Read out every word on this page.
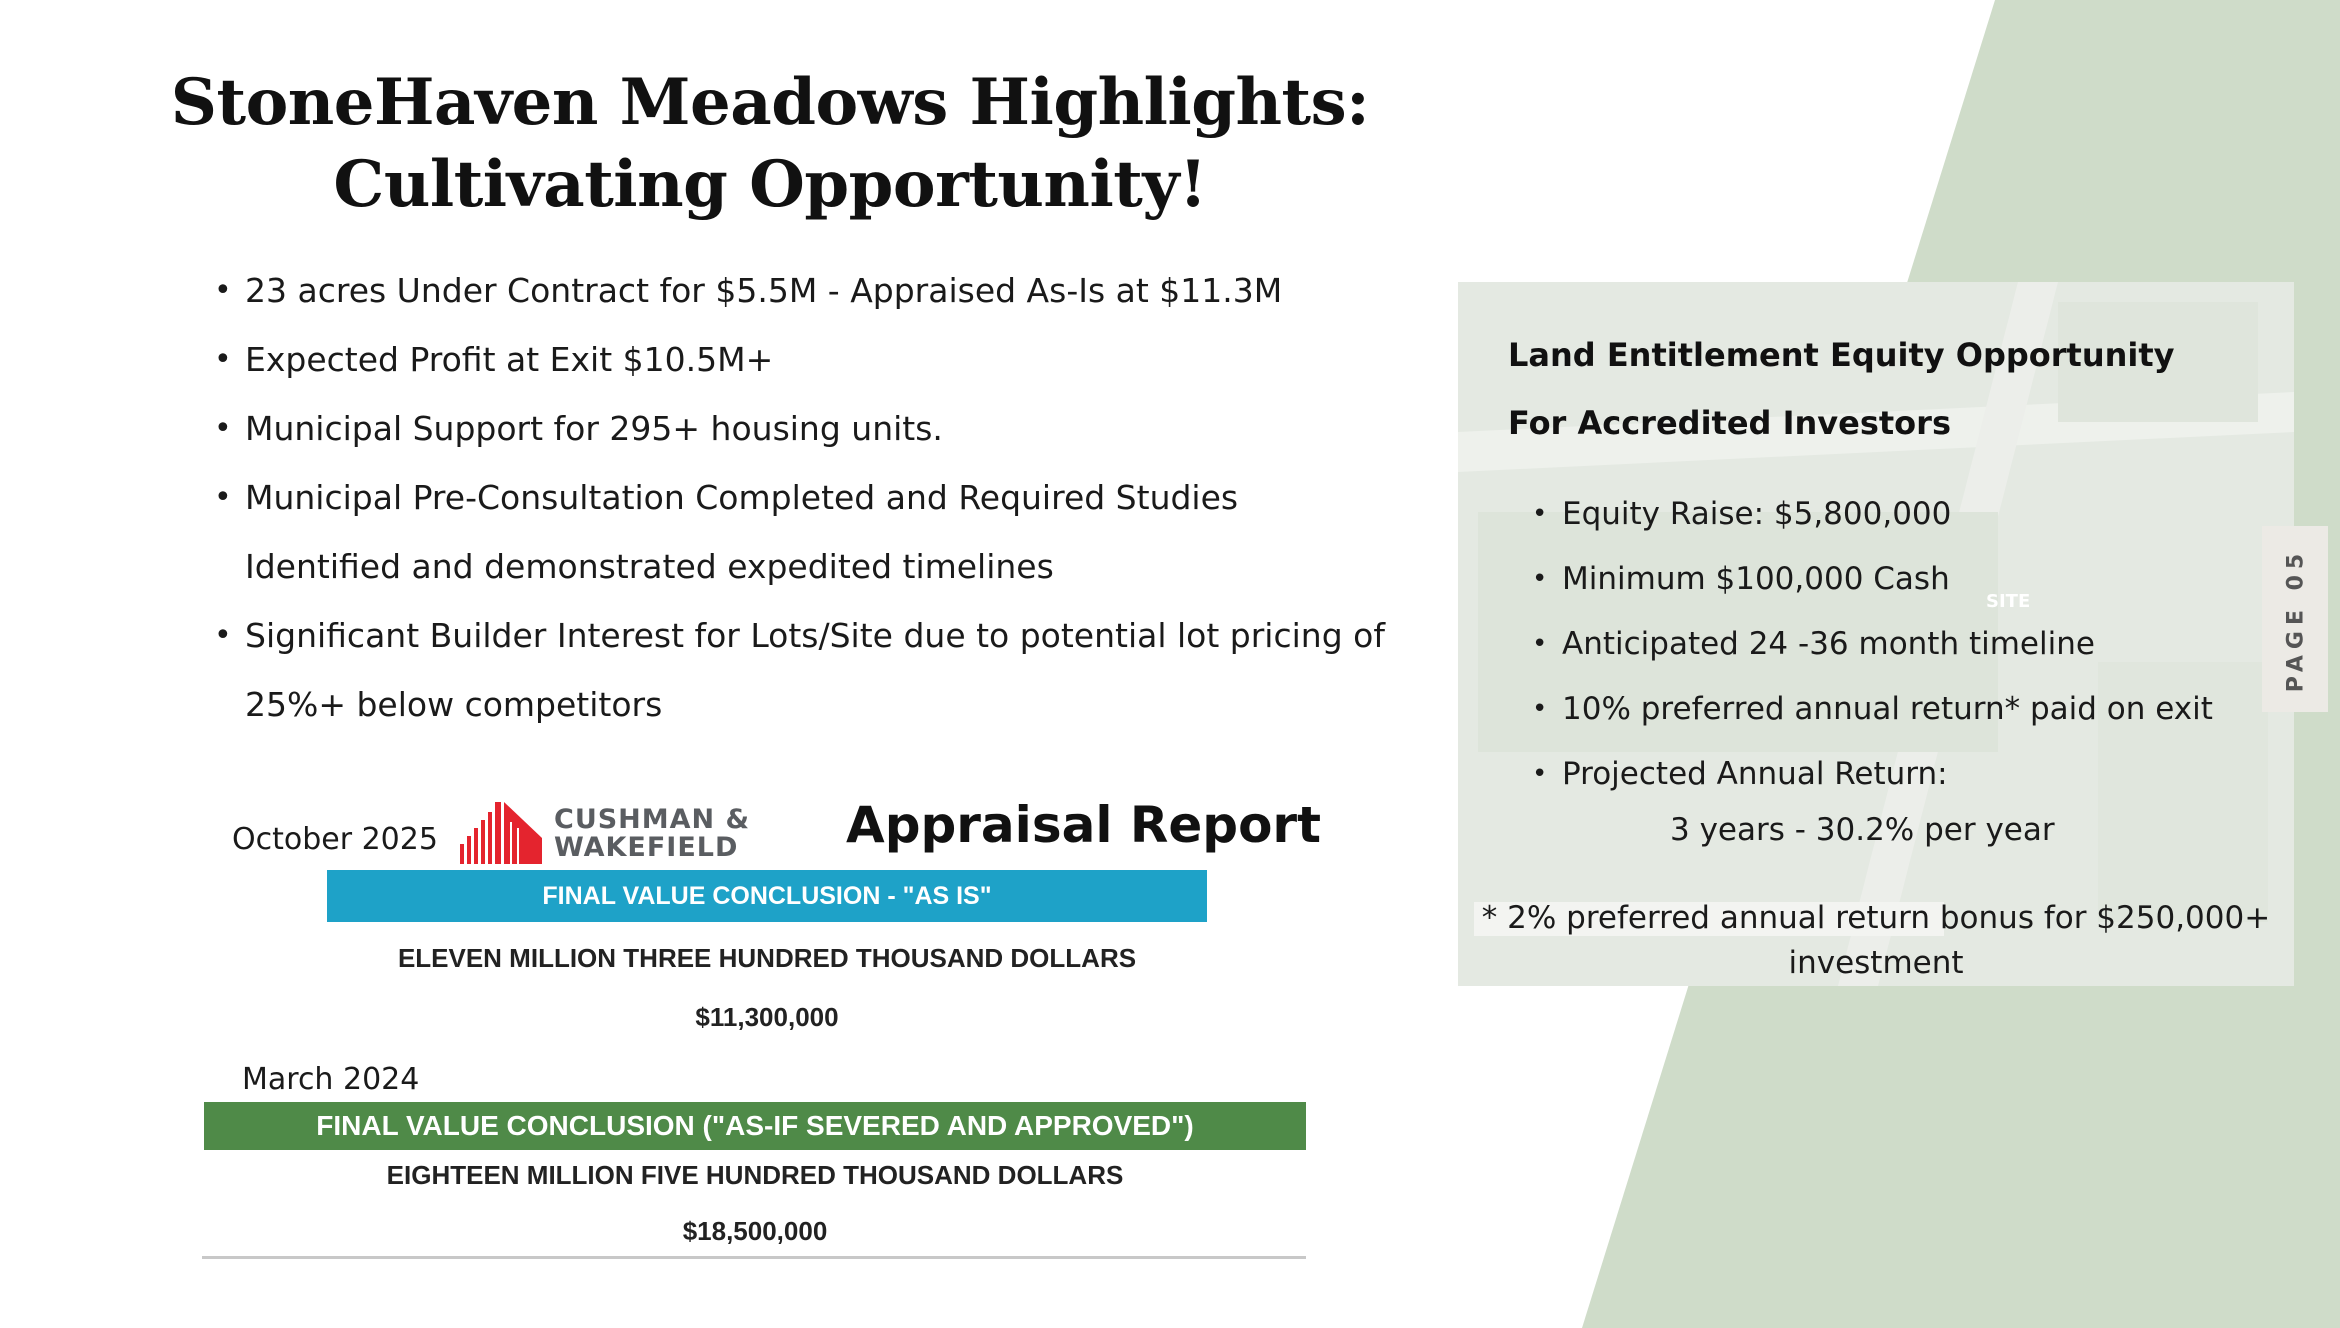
StoneHaven Meadows Highlights:
Cultivating Opportunity!
• 23 acres Under Contract for $5.5M - Appraised As-Is at $11.3M
• Expected Profit at Exit $10.5M+
• Municipal Support for 295+ housing units.
• Municipal Pre-Consultation Completed and Required Studies Identified and demonstrated expedited timelines
• Significant Builder Interest for Lots/Site due to potential lot pricing of 25%+ below competitors
October 2025
CUSHMAN &
WAKEFIELD Appraisal Report
FINAL VALUE CONCLUSION - "AS IS"
ELEVEN MILLION THREE HUNDRED THOUSAND DOLLARS
$11,300,000
March 2024
FINAL VALUE CONCLUSION ("AS-IF SEVERED AND APPROVED")
EIGHTEEN MILLION FIVE HUNDRED THOUSAND DOLLARS
$18,500,000
SITE
Land Entitlement Equity Opportunity
For Accredited Investors
• Equity Raise: $5,800,000
• Minimum $100,000 Cash
• Anticipated 24 -36 month timeline
• 10% preferred annual return* paid on exit
• Projected Annual Return:
3 years - 30.2% per year
* 2% preferred annual return bonus for $250,000+ investment
PAGE 05
